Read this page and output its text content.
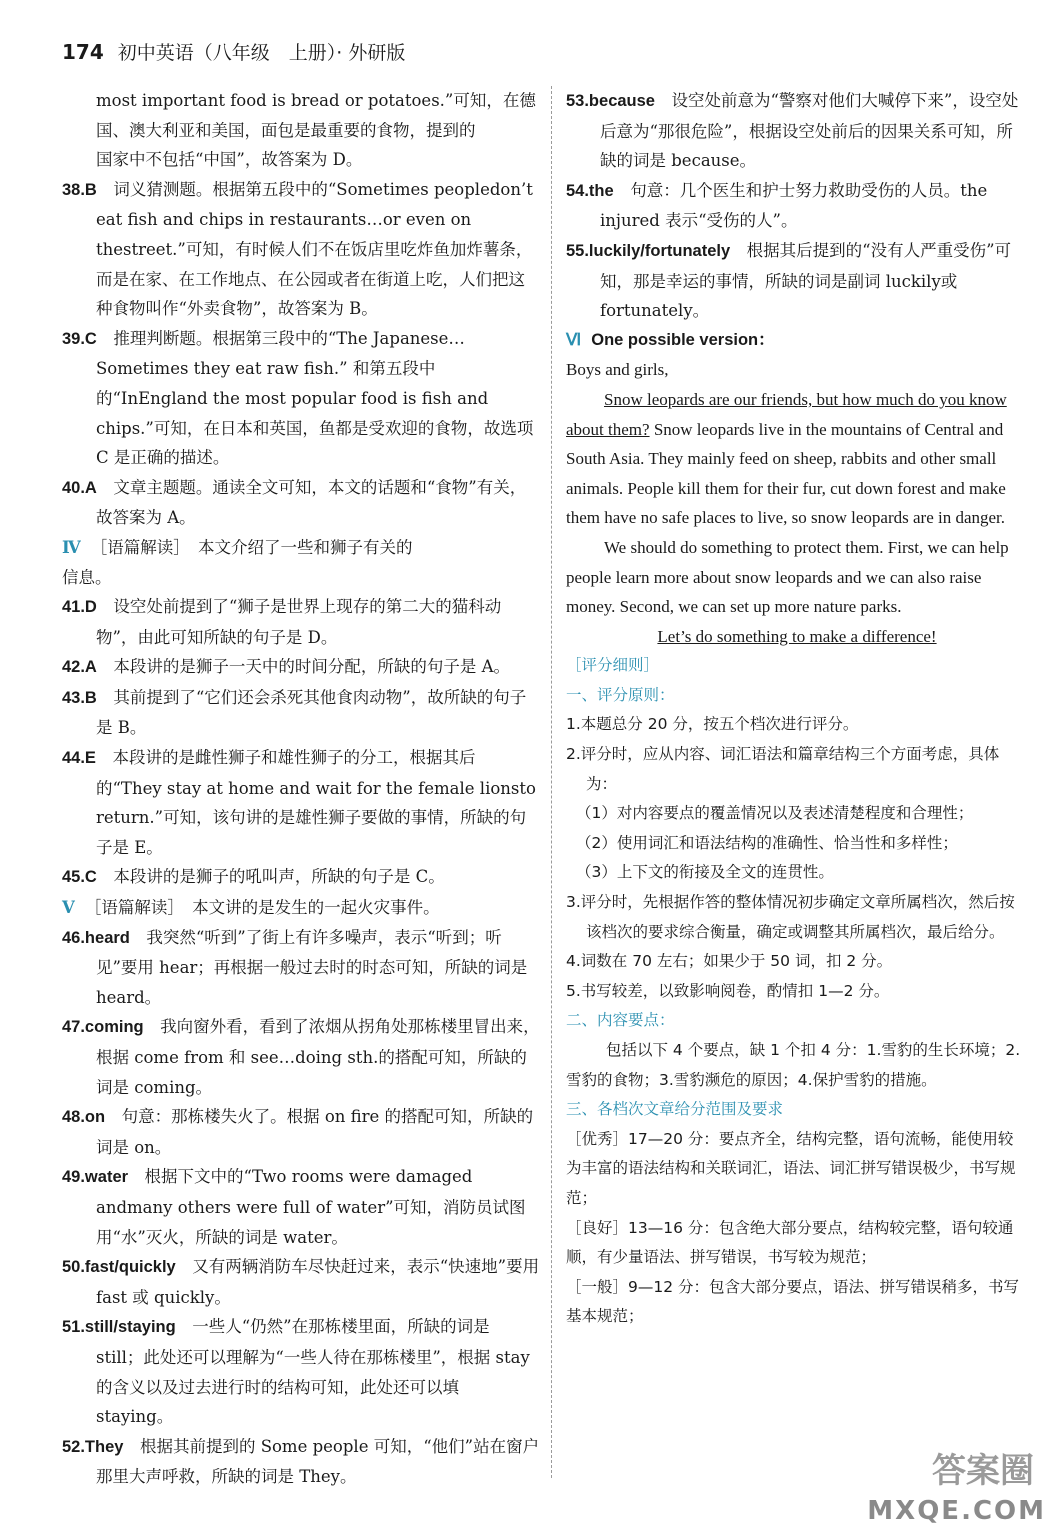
174 初中英语（八年级　上册）· 外研版

most important food is bread or potatoes.”可知，在德

国、澳大利亚和美国，面包是最重要的食物，提到的

国家中不包括“中国”，故答案为 D。

38.B  词义猜测题。根据第五段中的“Sometimes peopledon’t eat fish and chips in restaurants…or even on thestreet.”可知，有时候人们不在饭店里吃炸鱼加炸薯条，而是在家、在工作地点、在公园或者在街道上吃，人们把这种食物叫作“外卖食物”，故答案为 B。

39.C  推理判断题。根据第三段中的“The Japanese…Sometimes they eat raw fish.” 和第五段中的“InEngland the most popular food is fish and chips.”可知，在日本和英国，鱼都是受欢迎的食物，故选项 C 是正确的描述。

40.A  文章主题题。通读全文可知，本文的话题和“食物”有关，故答案为 A。

Ⅳ ［语篇解读］　本文介绍了一些和狮子有关的

信息。

41.D  设空处前提到了“狮子是世界上现存的第二大的猫科动物”，由此可知所缺的句子是 D。

42.A  本段讲的是狮子一天中的时间分配，所缺的句子是 A。

43.B  其前提到了“它们还会杀死其他食肉动物”，故所缺的句子是 B。

44.E  本段讲的是雌性狮子和雄性狮子的分工，根据其后的“They stay at home and wait for the female lionsto return.”可知，该句讲的是雄性狮子要做的事情，所缺的句子是 E。

45.C  本段讲的是狮子的吼叫声，所缺的句子是 C。

Ⅴ ［语篇解读］　本文讲的是发生的一起火灾事件。

46.heard  我突然“听到”了街上有许多噪声，表示“听到；听见”要用 hear；再根据一般过去时的时态可知，所缺的词是 heard。

47.coming  我向窗外看，看到了浓烟从拐角处那栋楼里冒出来，根据 come from 和 see…doing sth.的搭配可知，所缺的词是 coming。

48.on  句意：那栋楼失火了。根据 on fire 的搭配可知，所缺的词是 on。

49.water  根据下文中的“Two rooms were damaged andmany others were full of water”可知，消防员试图用“水”灭火，所缺的词是 water。

50.fast/quickly  又有两辆消防车尽快赶过来，表示“快速地”要用 fast 或 quickly。

51.still/staying  一些人“仍然”在那栋楼里面，所缺的词是 still；此处还可以理解为“一些人待在那栋楼里”，根据 stay 的含义以及过去进行时的结构可知，此处还可以填 staying。

52.They  根据其前提到的 Some people 可知，“他们”站在窗户那里大声呼救，所缺的词是 They。

53.because  设空处前意为“警察对他们大喊停下来”，设空处后意为“那很危险”，根据设空处前后的因果关系可知，所缺的词是 because。

54.the  句意：几个医生和护士努力救助受伤的人员。the injured 表示“受伤的人”。

55.luckily/fortunately  根据其后提到的“没有人严重受伤”可知，那是幸运的事情，所缺的词是副词 luckily或 fortunately。

Ⅵ One possible version：

Boys and girls,

Snow leopards are our friends, but how much do you know about them? Snow leopards live in the mountains of Central and South Asia. They mainly feed on sheep, rabbits and other small animals. People kill them for their fur, cut down forest and make them have no safe places to live, so snow leopards are in danger.

We should do something to protect them. First, we can help people learn more about snow leopards and we can also raise money. Second, we can set up more nature parks.

Let’s do something to make a difference!

［评分细则］

一、评分原则：

1.本题总分 20 分，按五个档次进行评分。

2.评分时，应从内容、词汇语法和篇章结构三个方面考虑，具体为：

（1）对内容要点的覆盖情况以及表述清楚程度和合理性；

（2）使用词汇和语法结构的准确性、恰当性和多样性；

（3）上下文的衔接及全文的连贯性。

3.评分时，先根据作答的整体情况初步确定文章所属档次，然后按该档次的要求综合衡量，确定或调整其所属档次，最后给分。

4.词数在 70 左右；如果少于 50 词，扣 2 分。

5.书写较差，以致影响阅卷，酌情扣 1—2 分。

二、内容要点：

包括以下 4 个要点，缺 1 个扣 4 分：1.雪豹的生长环境；2.雪豹的食物；3.雪豹濒危的原因；4.保护雪豹的措施。

三、各档次文章给分范围及要求

［优秀］17—20 分：要点齐全，结构完整，语句流畅，能使用较为丰富的语法结构和关联词汇，语法、词汇拼写错误极少，书写规范；

［良好］13—16 分：包含绝大部分要点，结构较完整，语句较通顺，有少量语法、拼写错误，书写较为规范；

［一般］9—12 分：包含大部分要点，语法、拼写错误稍多，书写基本规范；

答案圈
MXQE.COM
